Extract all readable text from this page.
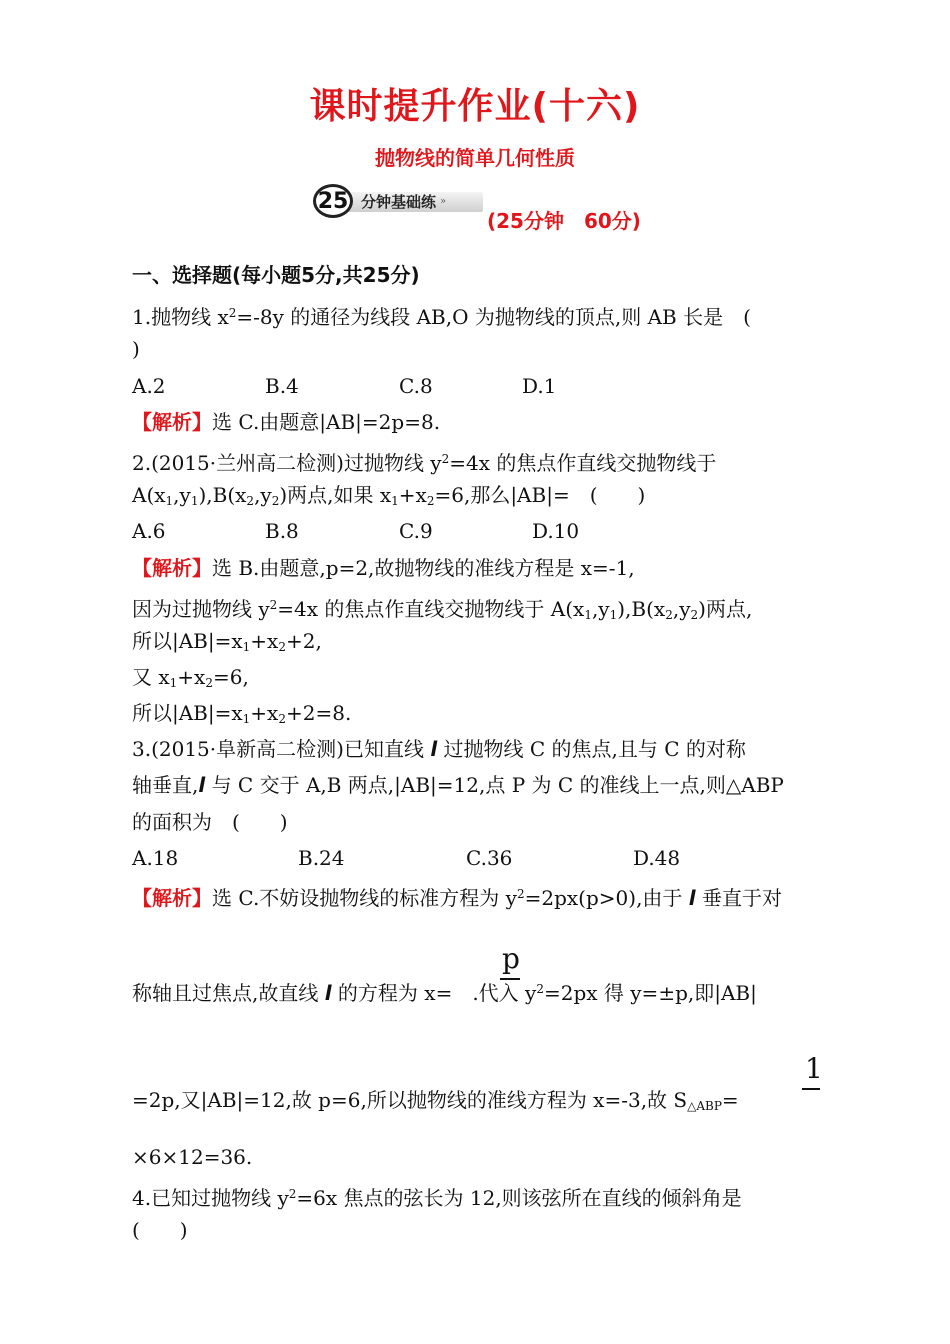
课时提升作业(十六)
抛物线的简单几何性质
25 分钟基础练 »
(25分钟　60分)
一、选择题(每小题5分,共25分)
1.抛物线 $x^2=-8y$ 的通径为线段 AB,O 为抛物线的顶点,则 AB 长是　(
)
A.2	B.4	C.8	D.1
【解析】选 C.由题意|AB|=2p=8.
2.(2015·兰州高二检测)过抛物线 $y^2=4x$ 的焦点作直线交抛物线于
$A(x_1,y_1),B(x_2,y_2)$两点,如果 $x_1+x_2=6$,那么|AB|=　(　　)
A.6	B.8	C.9	D.10
【解析】选 B.由题意,p=2,故抛物线的准线方程是 x=-1,
因为过抛物线 $y^2=4x$ 的焦点作直线交抛物线于 $A(x_1,y_1),B(x_2,y_2)$两点,
所以$|AB|=x_1+x_2+2$,
又 $x_1+x_2=6$,
所以$|AB|=x_1+x_2+2=8$.
3.(2015·阜新高二检测)已知直线 l 过抛物线 C 的焦点,且与 C 的对称
轴垂直,l 与 C 交于 A,B 两点,|AB|=12,点 P 为 C 的准线上一点,则△ABP
的面积为　(　　)
A.18	B.24	C.36	D.48
【解析】选 C.不妨设抛物线的标准方程为 $y^2=2px(p>0)$,由于 l 垂直于对
p
称轴且过焦点,故直线 l 的方程为 x=　.代入 $y^2=2px$ 得 y=±p,即|AB|
1
=2p,又|AB|=12,故 p=6,所以抛物线的准线方程为 x=-3,故 $S_{\triangle ABP}=$
×6×12=36.
4.已知过抛物线 $y^2=6x$ 焦点的弦长为 12,则该弦所在直线的倾斜角是
(　　)
